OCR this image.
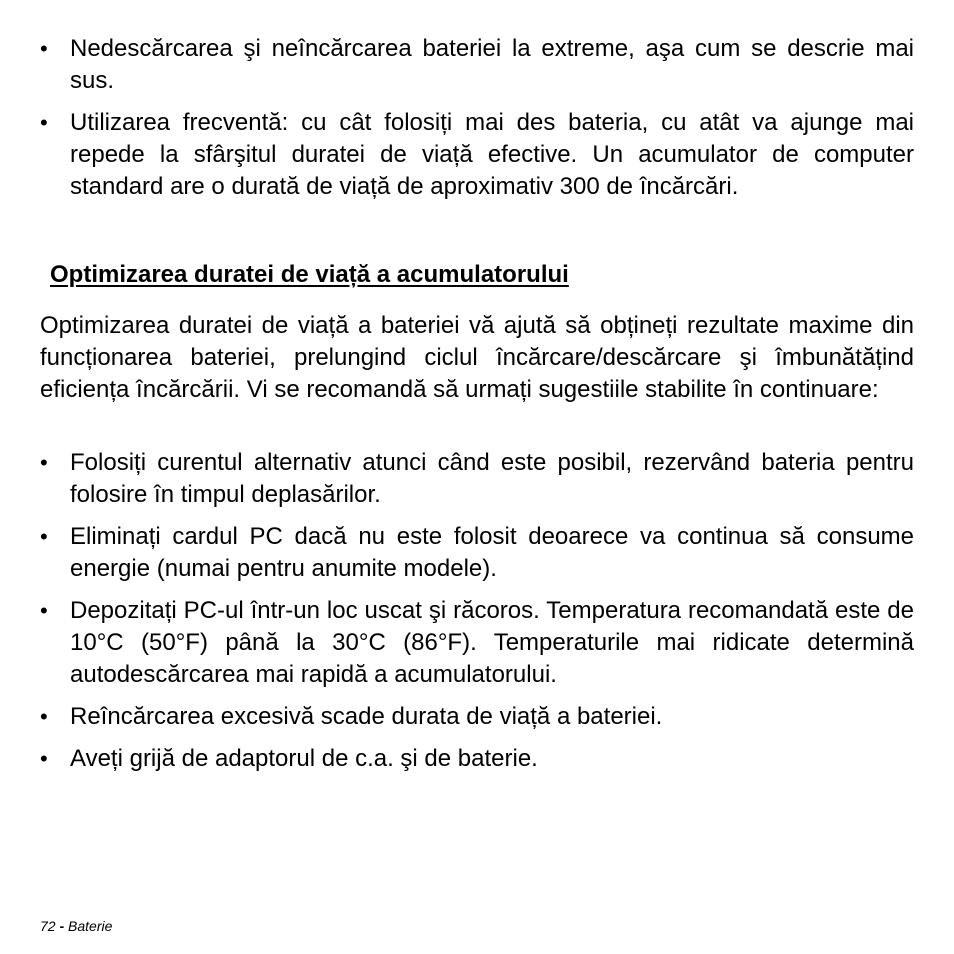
• Nedescărcarea şi neîncărcarea bateriei la extreme, aşa cum se descrie mai sus.
• Utilizarea frecventă: cu cât folosiți mai des bateria, cu atât va ajunge mai repede la sfârşitul duratei de viață efective. Un acumulator de computer standard are o durată de viață de aproximativ 300 de încărcări.
Optimizarea duratei de viață a acumulatorului

Optimizarea duratei de viață a bateriei vă ajută să obțineți rezultate maxime din funcționarea bateriei, prelungind ciclul încărcare/descărcare şi îmbunătățind eficiența încărcării. Vi se recomandă să urmați sugestiile stabilite în continuare:

• Folosiți curentul alternativ atunci când este posibil, rezervând bateria pentru folosire în timpul deplasărilor.
• Eliminați cardul PC dacă nu este folosit deoarece va continua să consume energie (numai pentru anumite modele).
• Depozitați PC-ul într-un loc uscat şi răcoros. Temperatura recomandată este de 10°C (50°F) până la 30°C (86°F). Temperaturile mai ridicate determină autodescărcarea mai rapidă a acumulatorului.
• Reîncărcarea excesivă scade durata de viață a bateriei.
• Aveți grijă de adaptorul de c.a. şi de baterie.
72 - Baterie
